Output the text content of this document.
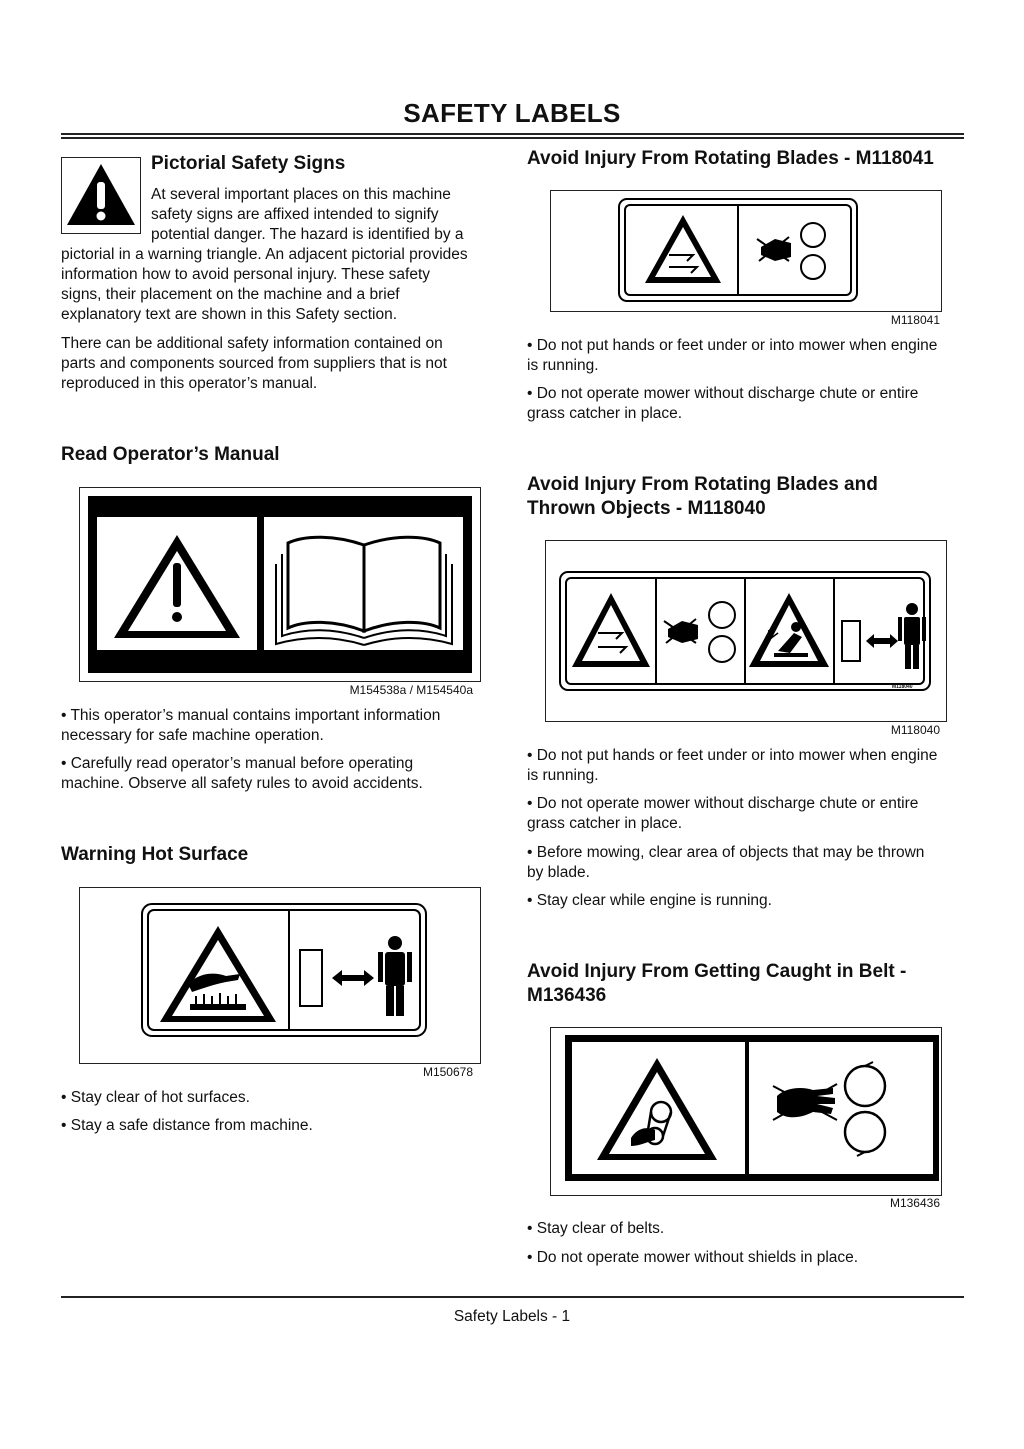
SAFETY LABELS
Pictorial Safety Signs

At several important places on this machine
safety signs are affixed intended to signify
potential danger. The hazard is identified by a

pictorial in a warning triangle. An adjacent pictorial provides
information how to avoid personal injury. These safety
signs, their placement on the machine and a brief
explanatory text are shown in this Safety section.

There can be additional safety information contained on
parts and components sourced from suppliers that is not
reproduced in this operator’s manual.

Read Operator’s Manual
M154538a / M154540a

• This operator’s manual contains important information
necessary for safe machine operation.

• Carefully read operator’s manual before operating
machine. Observe all safety rules to avoid accidents.

Warning Hot Surface
M150678

• Stay clear of hot surfaces.

• Stay a safe distance from machine.

Avoid Injury From Rotating Blades - M118041
M118041

• Do not put hands or feet under or into mower when engine
is running.

• Do not operate mower without discharge chute or entire
grass catcher in place.

Avoid Injury From Rotating Blades and
Thrown Objects - M118040
M118040
M118040

• Do not put hands or feet under or into mower when engine
is running.

• Do not operate mower without discharge chute or entire
grass catcher in place.

• Before mowing, clear area of objects that may be thrown
by blade.

• Stay clear while engine is running.

Avoid Injury From Getting Caught in Belt -
M136436
M136436

• Stay clear of belts.

• Do not operate mower without shields in place.

Safety Labels - 1
